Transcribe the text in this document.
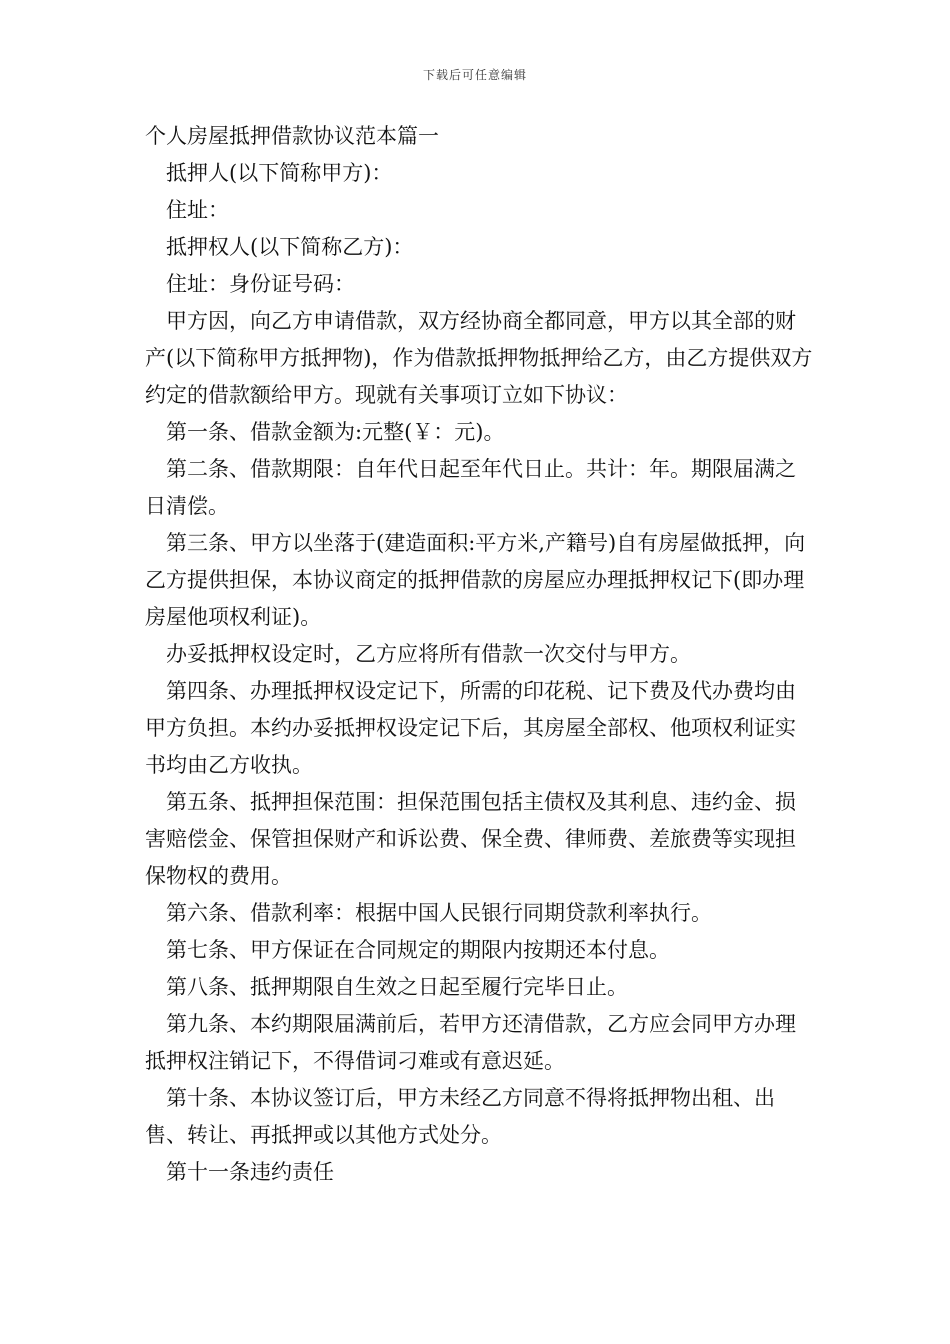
下载后可任意编辑

个人房屋抵押借款协议范本篇一

抵押人(以下简称甲方)：

住址：

抵押权人(以下简称乙方)：

住址：身份证号码：

甲方因，向乙方申请借款，双方经协商全都同意，甲方以其全部的财产(以下简称甲方抵押物)，作为借款抵押物抵押给乙方，由乙方提供双方约定的借款额给甲方。现就有关事项订立如下协议：

第一条、借款金额为:元整(￥：元)。

第二条、借款期限：自年代日起至年代日止。共计：年。期限届满之日清偿。

第三条、甲方以坐落于(建造面积:平方米,产籍号)自有房屋做抵押，向乙方提供担保，本协议商定的抵押借款的房屋应办理抵押权记下(即办理房屋他项权利证)。

办妥抵押权设定时，乙方应将所有借款一次交付与甲方。

第四条、办理抵押权设定记下，所需的印花税、记下费及代办费均由甲方负担。本约办妥抵押权设定记下后，其房屋全部权、他项权利证实书均由乙方收执。

第五条、抵押担保范围：担保范围包括主债权及其利息、违约金、损害赔偿金、保管担保财产和诉讼费、保全费、律师费、差旅费等实现担保物权的费用。

第六条、借款利率：根据中国人民银行同期贷款利率执行。

第七条、甲方保证在合同规定的期限内按期还本付息。

第八条、抵押期限自生效之日起至履行完毕日止。

第九条、本约期限届满前后，若甲方还清借款，乙方应会同甲方办理抵押权注销记下，不得借词刁难或有意迟延。

第十条、本协议签订后，甲方未经乙方同意不得将抵押物出租、出售、转让、再抵押或以其他方式处分。

第十一条违约责任
